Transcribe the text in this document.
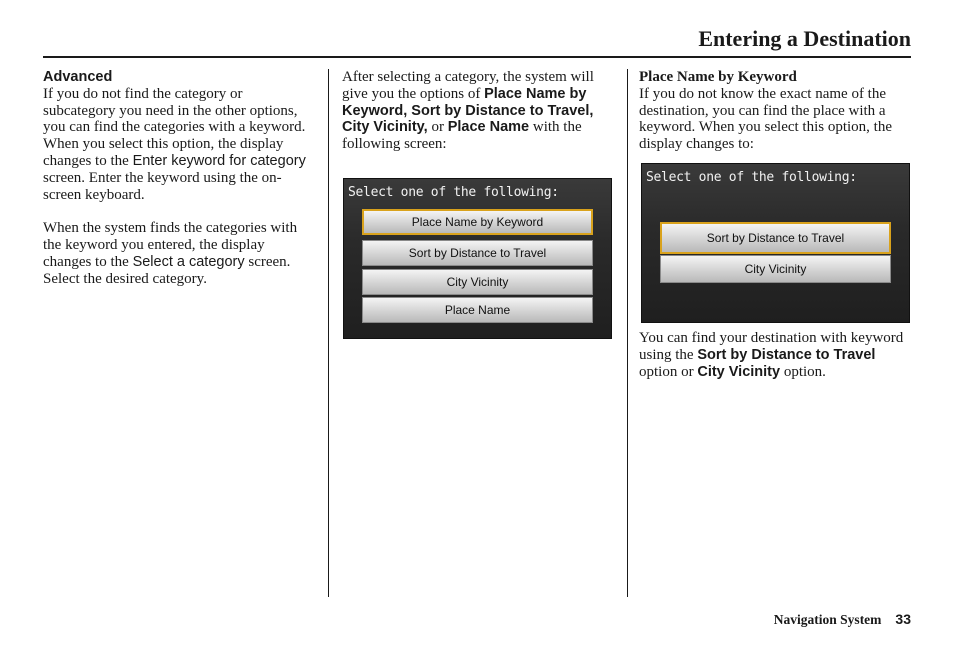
Entering a Destination

Advanced

If you do not find the category or subcategory you need in the other options, you can find the categories with a keyword. When you select this option, the display changes to the Enter keyword for category screen. Enter the keyword using the on-screen keyboard.

When the system finds the categories with the keyword you entered, the display changes to the Select a category screen. Select the desired category.

After selecting a category, the system will give you the options of Place Name by Keyword, Sort by Distance to Travel, City Vicinity, or Place Name with the following screen:

Select one of the following:
Place Name by Keyword
Sort by Distance to Travel
City Vicinity
Place Name

Place Name by Keyword

If you do not know the exact name of the destination, you can find the place with a keyword. When you select this option, the display changes to:

Select one of the following:
Sort by Distance to Travel
City Vicinity

You can find your destination with keyword using the Sort by Distance to Travel option or City Vicinity option.

Navigation System 33
